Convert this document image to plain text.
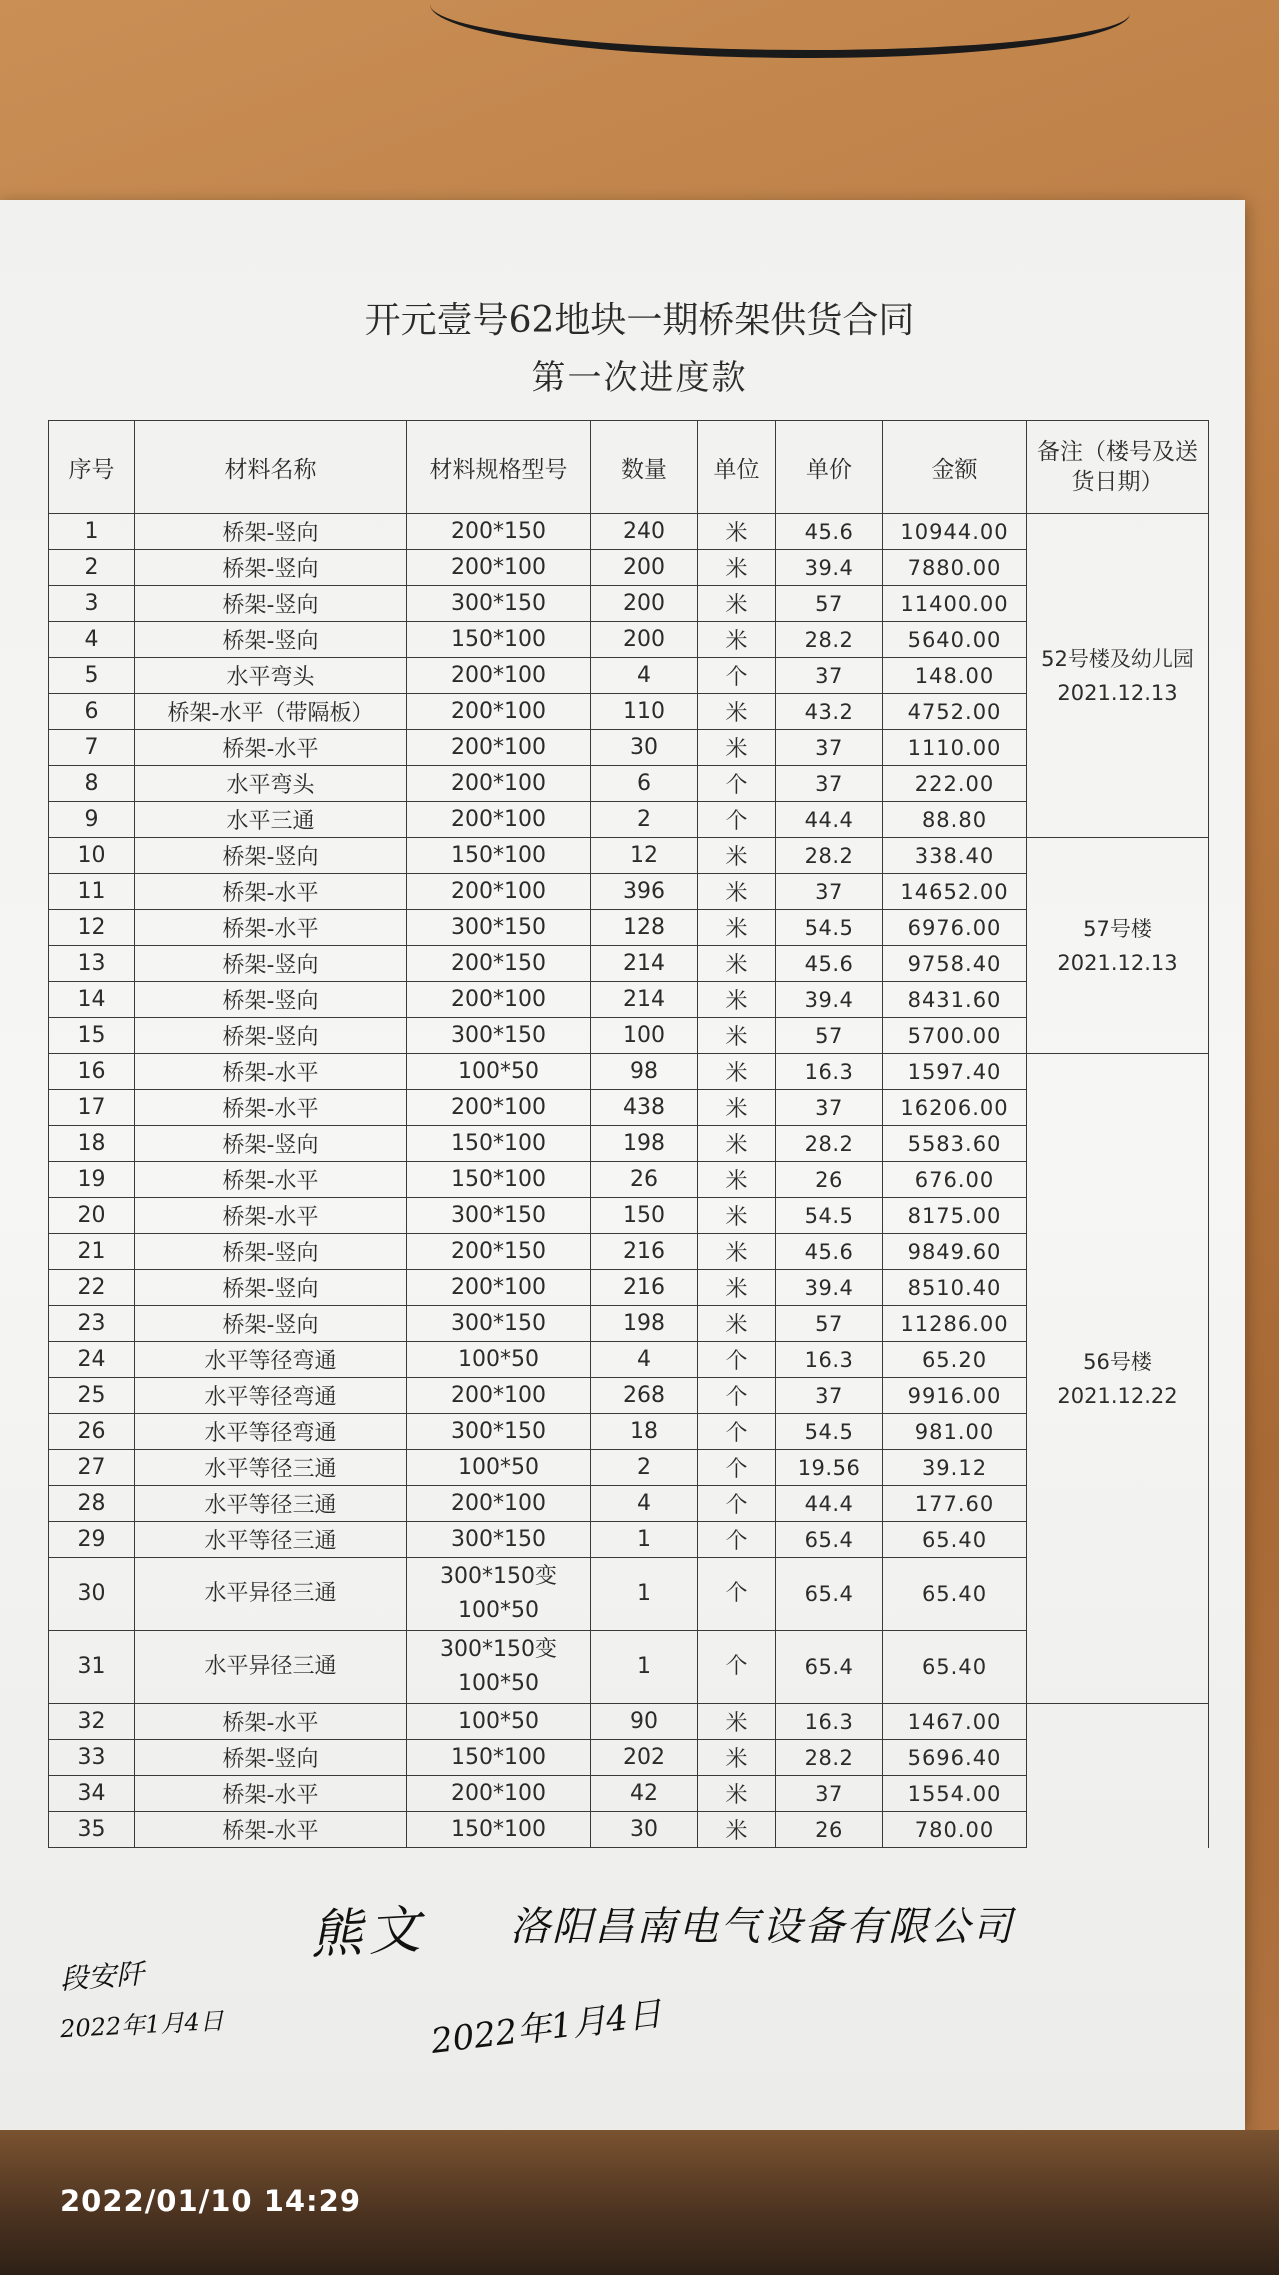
开元壹号62地块一期桥架供货合同
第一次进度款
序号	材料名称	材料规格型号	数量	单位	单价	金额	备注（楼号及送货日期）
1	桥架-竖向	200*150	240	米	45.6	10944.00	52号楼及幼儿园 2021.12.13
2	桥架-竖向	200*100	200	米	39.4	7880.00	
3	桥架-竖向	300*150	200	米	57	11400.00	
4	桥架-竖向	150*100	200	米	28.2	5640.00	
5	水平弯头	200*100	4	个	37	148.00	
6	桥架-水平（带隔板）	200*100	110	米	43.2	4752.00	
7	桥架-水平	200*100	30	米	37	1110.00	
8	水平弯头	200*100	6	个	37	222.00	
9	水平三通	200*100	2	个	44.4	88.80	
10	桥架-竖向	150*100	12	米	28.2	338.40	57号楼 2021.12.13
11	桥架-水平	200*100	396	米	37	14652.00	
12	桥架-水平	300*150	128	米	54.5	6976.00	
13	桥架-竖向	200*150	214	米	45.6	9758.40	
14	桥架-竖向	200*100	214	米	39.4	8431.60	
15	桥架-竖向	300*150	100	米	57	5700.00	
16	桥架-水平	100*50	98	米	16.3	1597.40	56号楼 2021.12.22
17	桥架-水平	200*100	438	米	37	16206.00	
18	桥架-竖向	150*100	198	米	28.2	5583.60	
19	桥架-水平	150*100	26	米	26	676.00	
20	桥架-水平	300*150	150	米	54.5	8175.00	
21	桥架-竖向	200*150	216	米	45.6	9849.60	
22	桥架-竖向	200*100	216	米	39.4	8510.40	
23	桥架-竖向	300*150	198	米	57	11286.00	
24	水平等径弯通	100*50	4	个	16.3	65.20	
25	水平等径弯通	200*100	268	个	37	9916.00	
26	水平等径弯通	300*150	18	个	54.5	981.00	
27	水平等径三通	100*50	2	个	19.56	39.12	
28	水平等径三通	200*100	4	个	44.4	177.60	
29	水平等径三通	300*150	1	个	65.4	65.40	
30	水平异径三通	300*150变100*50	1	个	65.4	65.40	
31	水平异径三通	300*150变100*50	1	个	65.4	65.40	
32	桥架-水平	100*50	90	米	16.3	1467.00	
33	桥架-竖向	150*100	202	米	28.2	5696.40	
34	桥架-水平	200*100	42	米	37	1554.00	
35	桥架-水平	150*100	30	米	26	780.00	
熊文 洛阳昌南电气设备有限公司
段安阡
2022年1月4日	2022年1月4日
2022/01/10 14:29
